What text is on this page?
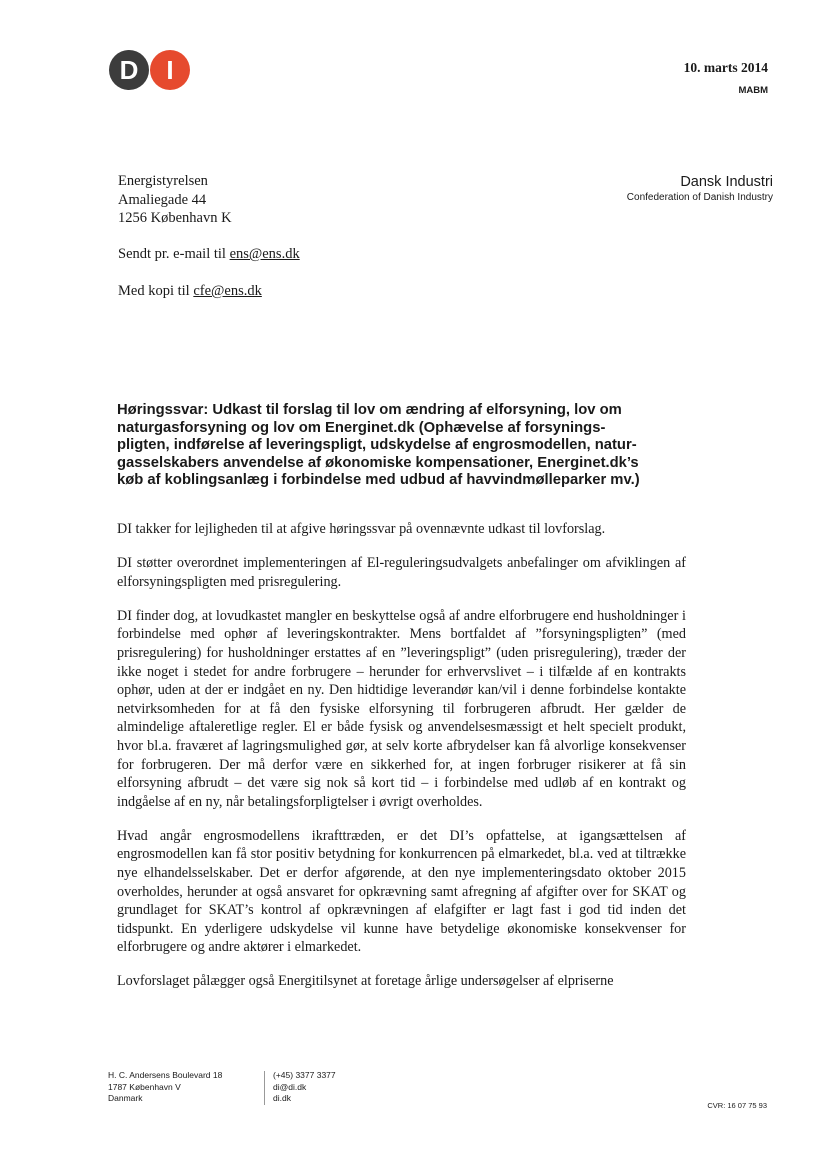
D	I	10. marts 2014
MABM
Energistyrelsen
Amaliegade 44
1256 København K
Dansk Industri
Confederation of Danish Industry
Sendt pr. e-mail til ens@ens.dk
Med kopi til cfe@ens.dk
Høringssvar: Udkast til forslag til lov om ændring af elforsyning, lov om
naturgasforsyning og lov om Energinet.dk (Ophævelse af forsynings-
pligten, indførelse af leveringspligt, udskydelse af engrosmodellen, natur-
gasselskabers anvendelse af økonomiske kompensationer, Energinet.dk’s
køb af koblingsanlæg i forbindelse med udbud af havvindmølleparker mv.)

DI takker for lejligheden til at afgive høringssvar på ovennævnte udkast til lovforslag.

DI støtter overordnet implementeringen af El-reguleringsudvalgets anbefalinger om afviklingen af elforsyningspligten med prisregulering.

DI finder dog, at lovudkastet mangler en beskyttelse også af andre elforbrugere end husholdninger i forbindelse med ophør af leveringskontrakter. Mens bortfaldet af ”forsyningspligten” (med prisregulering) for husholdninger erstattes af en ”leveringspligt” (uden prisregulering), træder der ikke noget i stedet for andre forbrugere – herunder for erhvervslivet – i tilfælde af en kontrakts ophør, uden at der er indgået en ny. Den hidtidige leverandør kan/vil i denne forbindelse kontakte netvirksomheden for at få den fysiske elforsyning til forbrugeren afbrudt. Her gælder de almindelige aftaleretlige regler. El er både fysisk og anvendelsesmæssigt et helt specielt produkt, hvor bl.a. fraværet af lagringsmulighed gør, at selv korte afbrydelser kan få alvorlige konsekvenser for forbrugeren. Der må derfor være en sikkerhed for, at ingen forbruger risikerer at få sin elforsyning afbrudt – det være sig nok så kort tid – i forbindelse med udløb af en kontrakt og indgåelse af en ny, når betalingsforpligtelser i øvrigt overholdes.

Hvad angår engrosmodellens ikrafttræden, er det DI’s opfattelse, at igangsættelsen af engrosmodellen kan få stor positiv betydning for konkurrencen på elmarkedet, bl.a. ved at tiltrække nye elhandelsselskaber. Det er derfor afgørende, at den nye implementeringsdato oktober 2015 overholdes, herunder at også ansvaret for opkrævning samt afregning af afgifter over for SKAT og grundlaget for SKAT’s kontrol af opkrævningen af elafgifter er lagt fast i god tid inden det tidspunkt. En yderligere udskydelse vil kunne have betydelige økonomiske konsekvenser for elforbrugere og andre aktører i elmarkedet.

Lovforslaget pålægger også Energitilsynet at foretage årlige undersøgelser af elpriserne

H. C. Andersens Boulevard 18
1787 København V
Danmark
(+45) 3377 3377
di@di.dk
di.dk
CVR: 16 07 75 93
